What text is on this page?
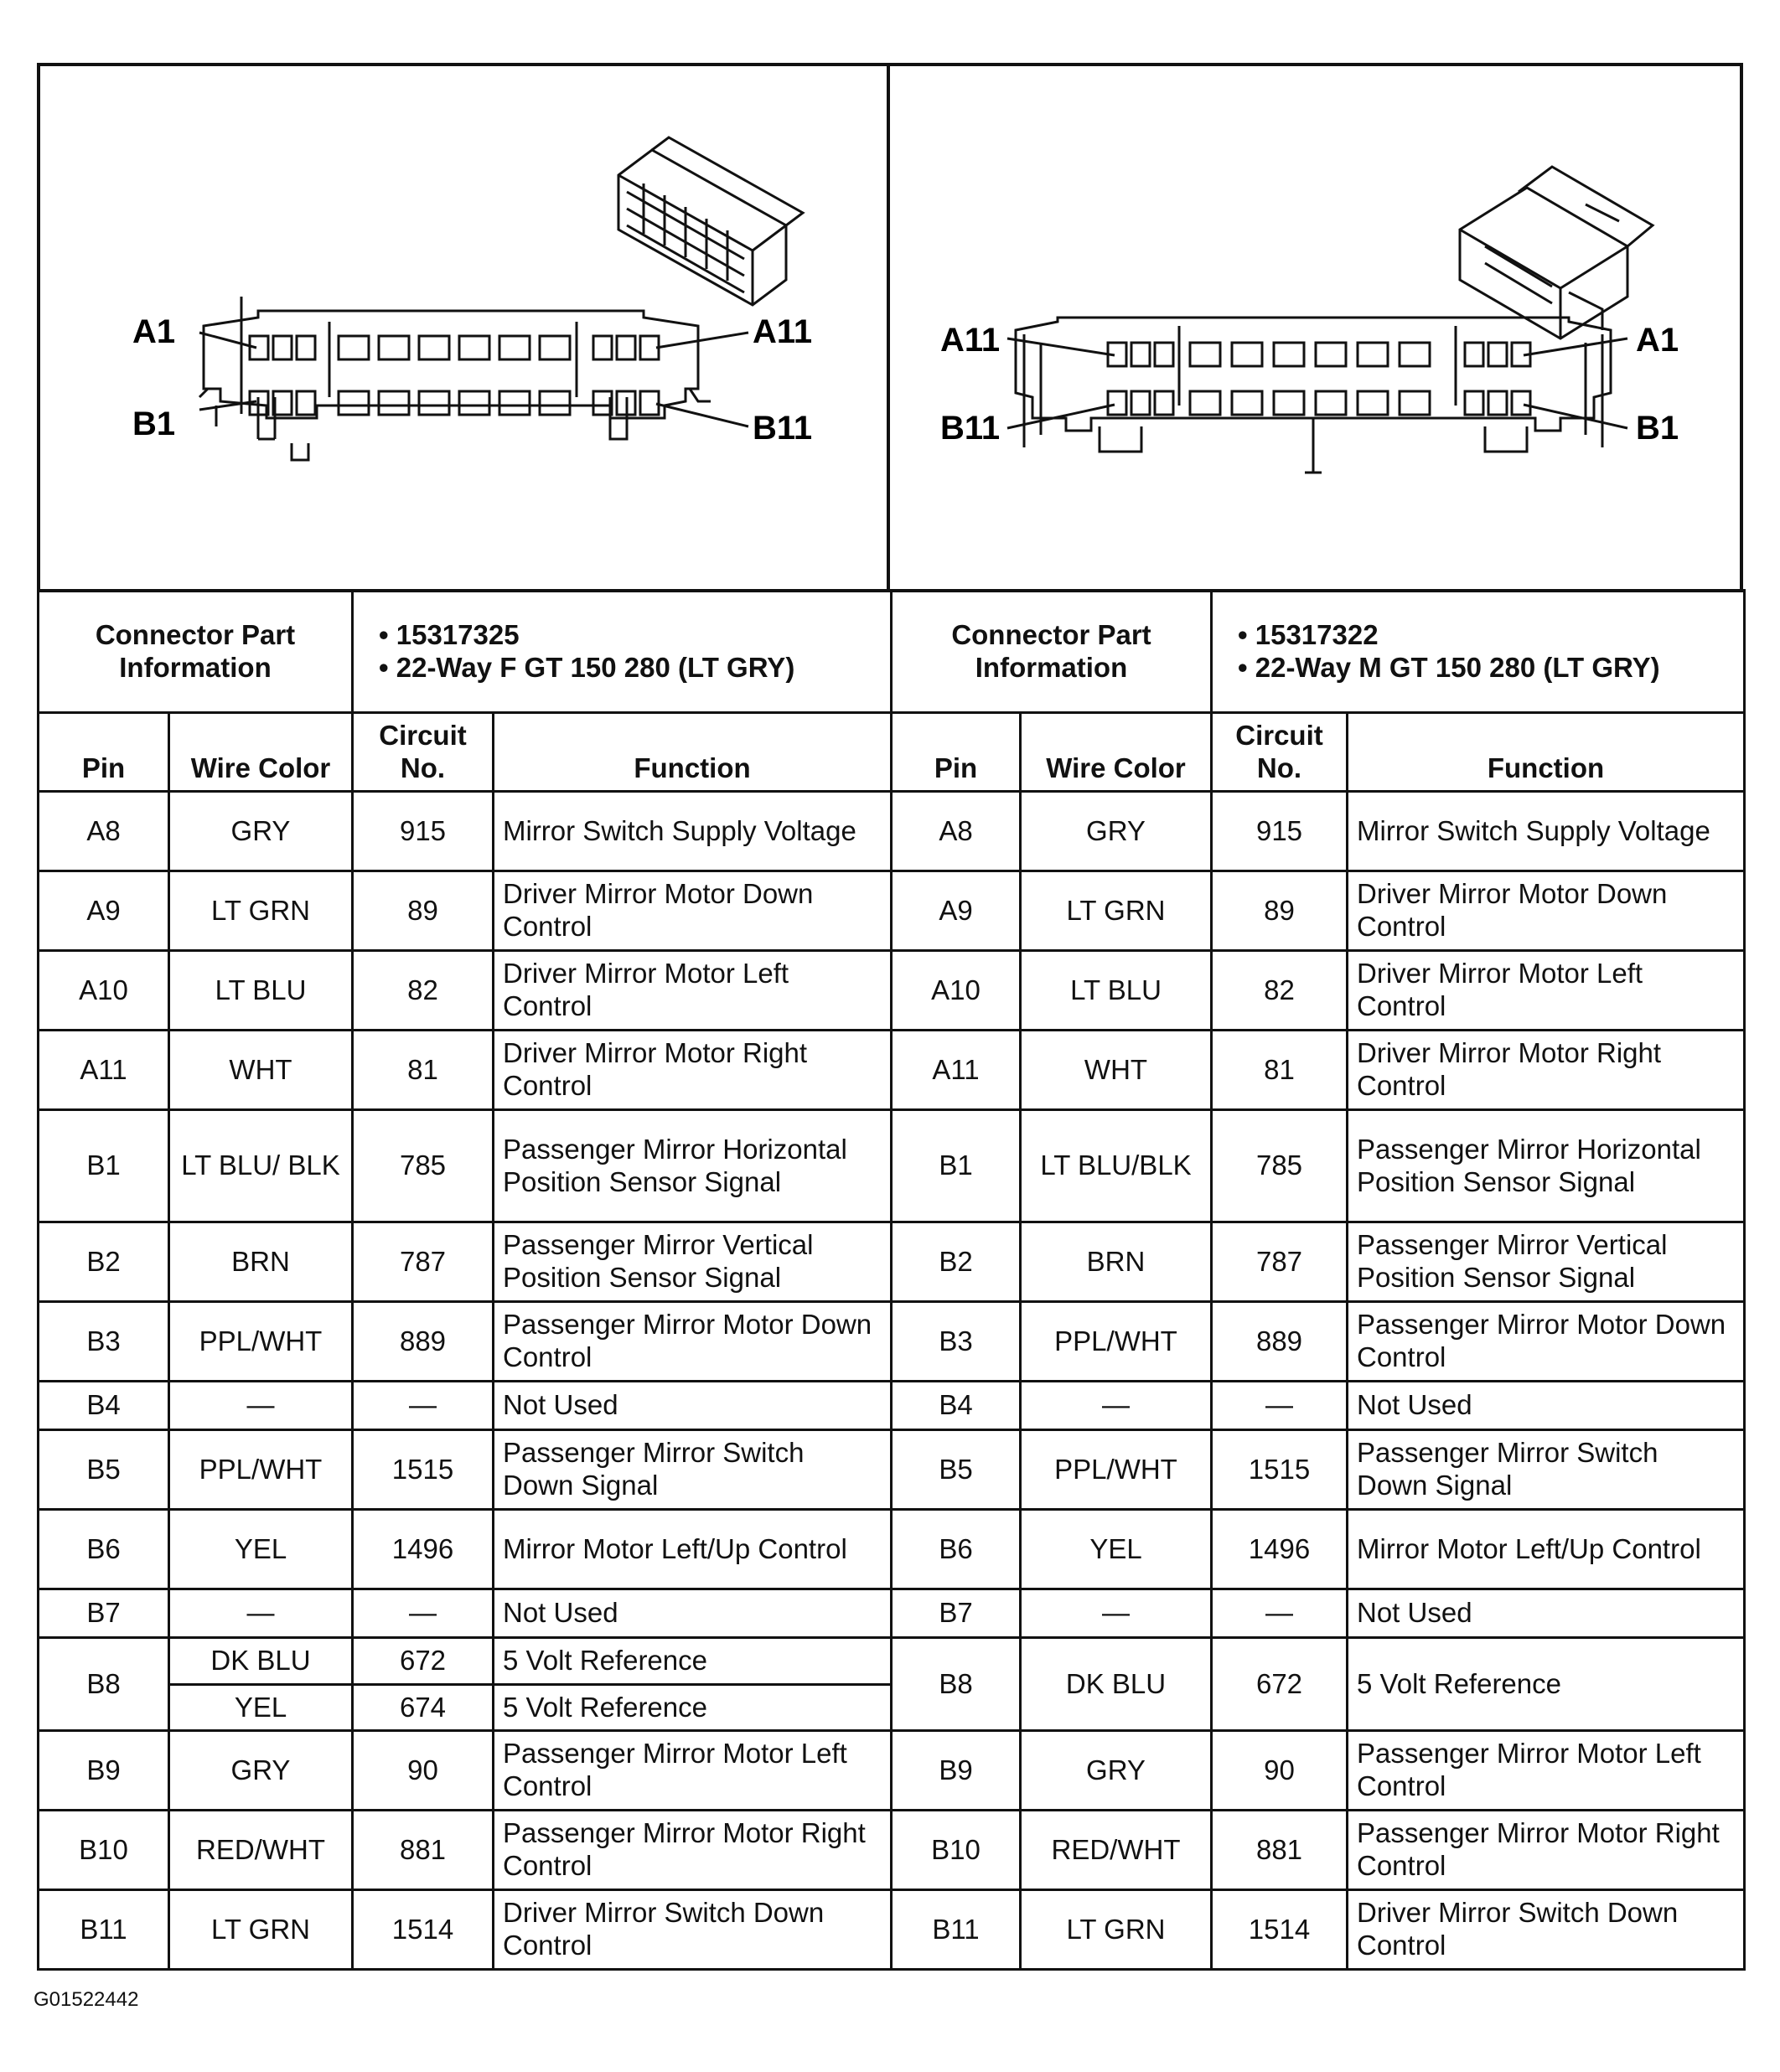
A1
B1
A11
B11
Connector Part Information		• 15317325
• 22-Way F GT 150 280 (LT GRY)	

Pin	Wire Color	Circuit No.	Function
A8	GRY	915	Mirror Switch Supply Voltage
A9	LT GRN	89	Driver Mirror Motor Down Control
A10	LT BLU	82	Driver Mirror Motor Left Control
A11	WHT	81	Driver Mirror Motor Right Control
B1	LT BLU/ BLK	785	Passenger Mirror Horizontal Position Sensor Signal
B2	BRN	787	Passenger Mirror Vertical Position Sensor Signal
B3	PPL/WHT	889	Passenger Mirror Motor Down Control
B4	—	—	Not Used
B5	PPL/WHT	1515	Passenger Mirror Switch Down Signal
B6	YEL	1496	Mirror Motor Left/Up Control
B7	—	—	Not Used
B8	DK BLU	672	5 Volt Reference
	YEL	674	5 Volt Reference
B9	GRY	90	Passenger Mirror Motor Left Control
B10	RED/WHT	881	Passenger Mirror Motor Right Control
B11	LT GRN	1514	Driver Mirror Switch Down Control
A11
B11
A1
B1
Connector Part Information		• 15317322
• 22-Way M GT 150 280 (LT GRY)	

Pin	Wire Color	Circuit No.	Function
A8	GRY	915	Mirror Switch Supply Voltage
A9	LT GRN	89	Driver Mirror Motor Down Control
A10	LT BLU	82	Driver Mirror Motor Left Control
A11	WHT	81	Driver Mirror Motor Right Control
B1	LT BLU/BLK	785	Passenger Mirror Horizontal Position Sensor Signal
B2	BRN	787	Passenger Mirror Vertical Position Sensor Signal
B3	PPL/WHT	889	Passenger Mirror Motor Down Control
B4	—	—	Not Used
B5	PPL/WHT	1515	Passenger Mirror Switch Down Signal
B6	YEL	1496	Mirror Motor Left/Up Control
B7	—	—	Not Used
B8	DK BLU	672	5 Volt Reference
B9	GRY	90	Passenger Mirror Motor Left Control
B10	RED/WHT	881	Passenger Mirror Motor Right Control
B11	LT GRN	1514	Driver Mirror Switch Down Control
G01522442
